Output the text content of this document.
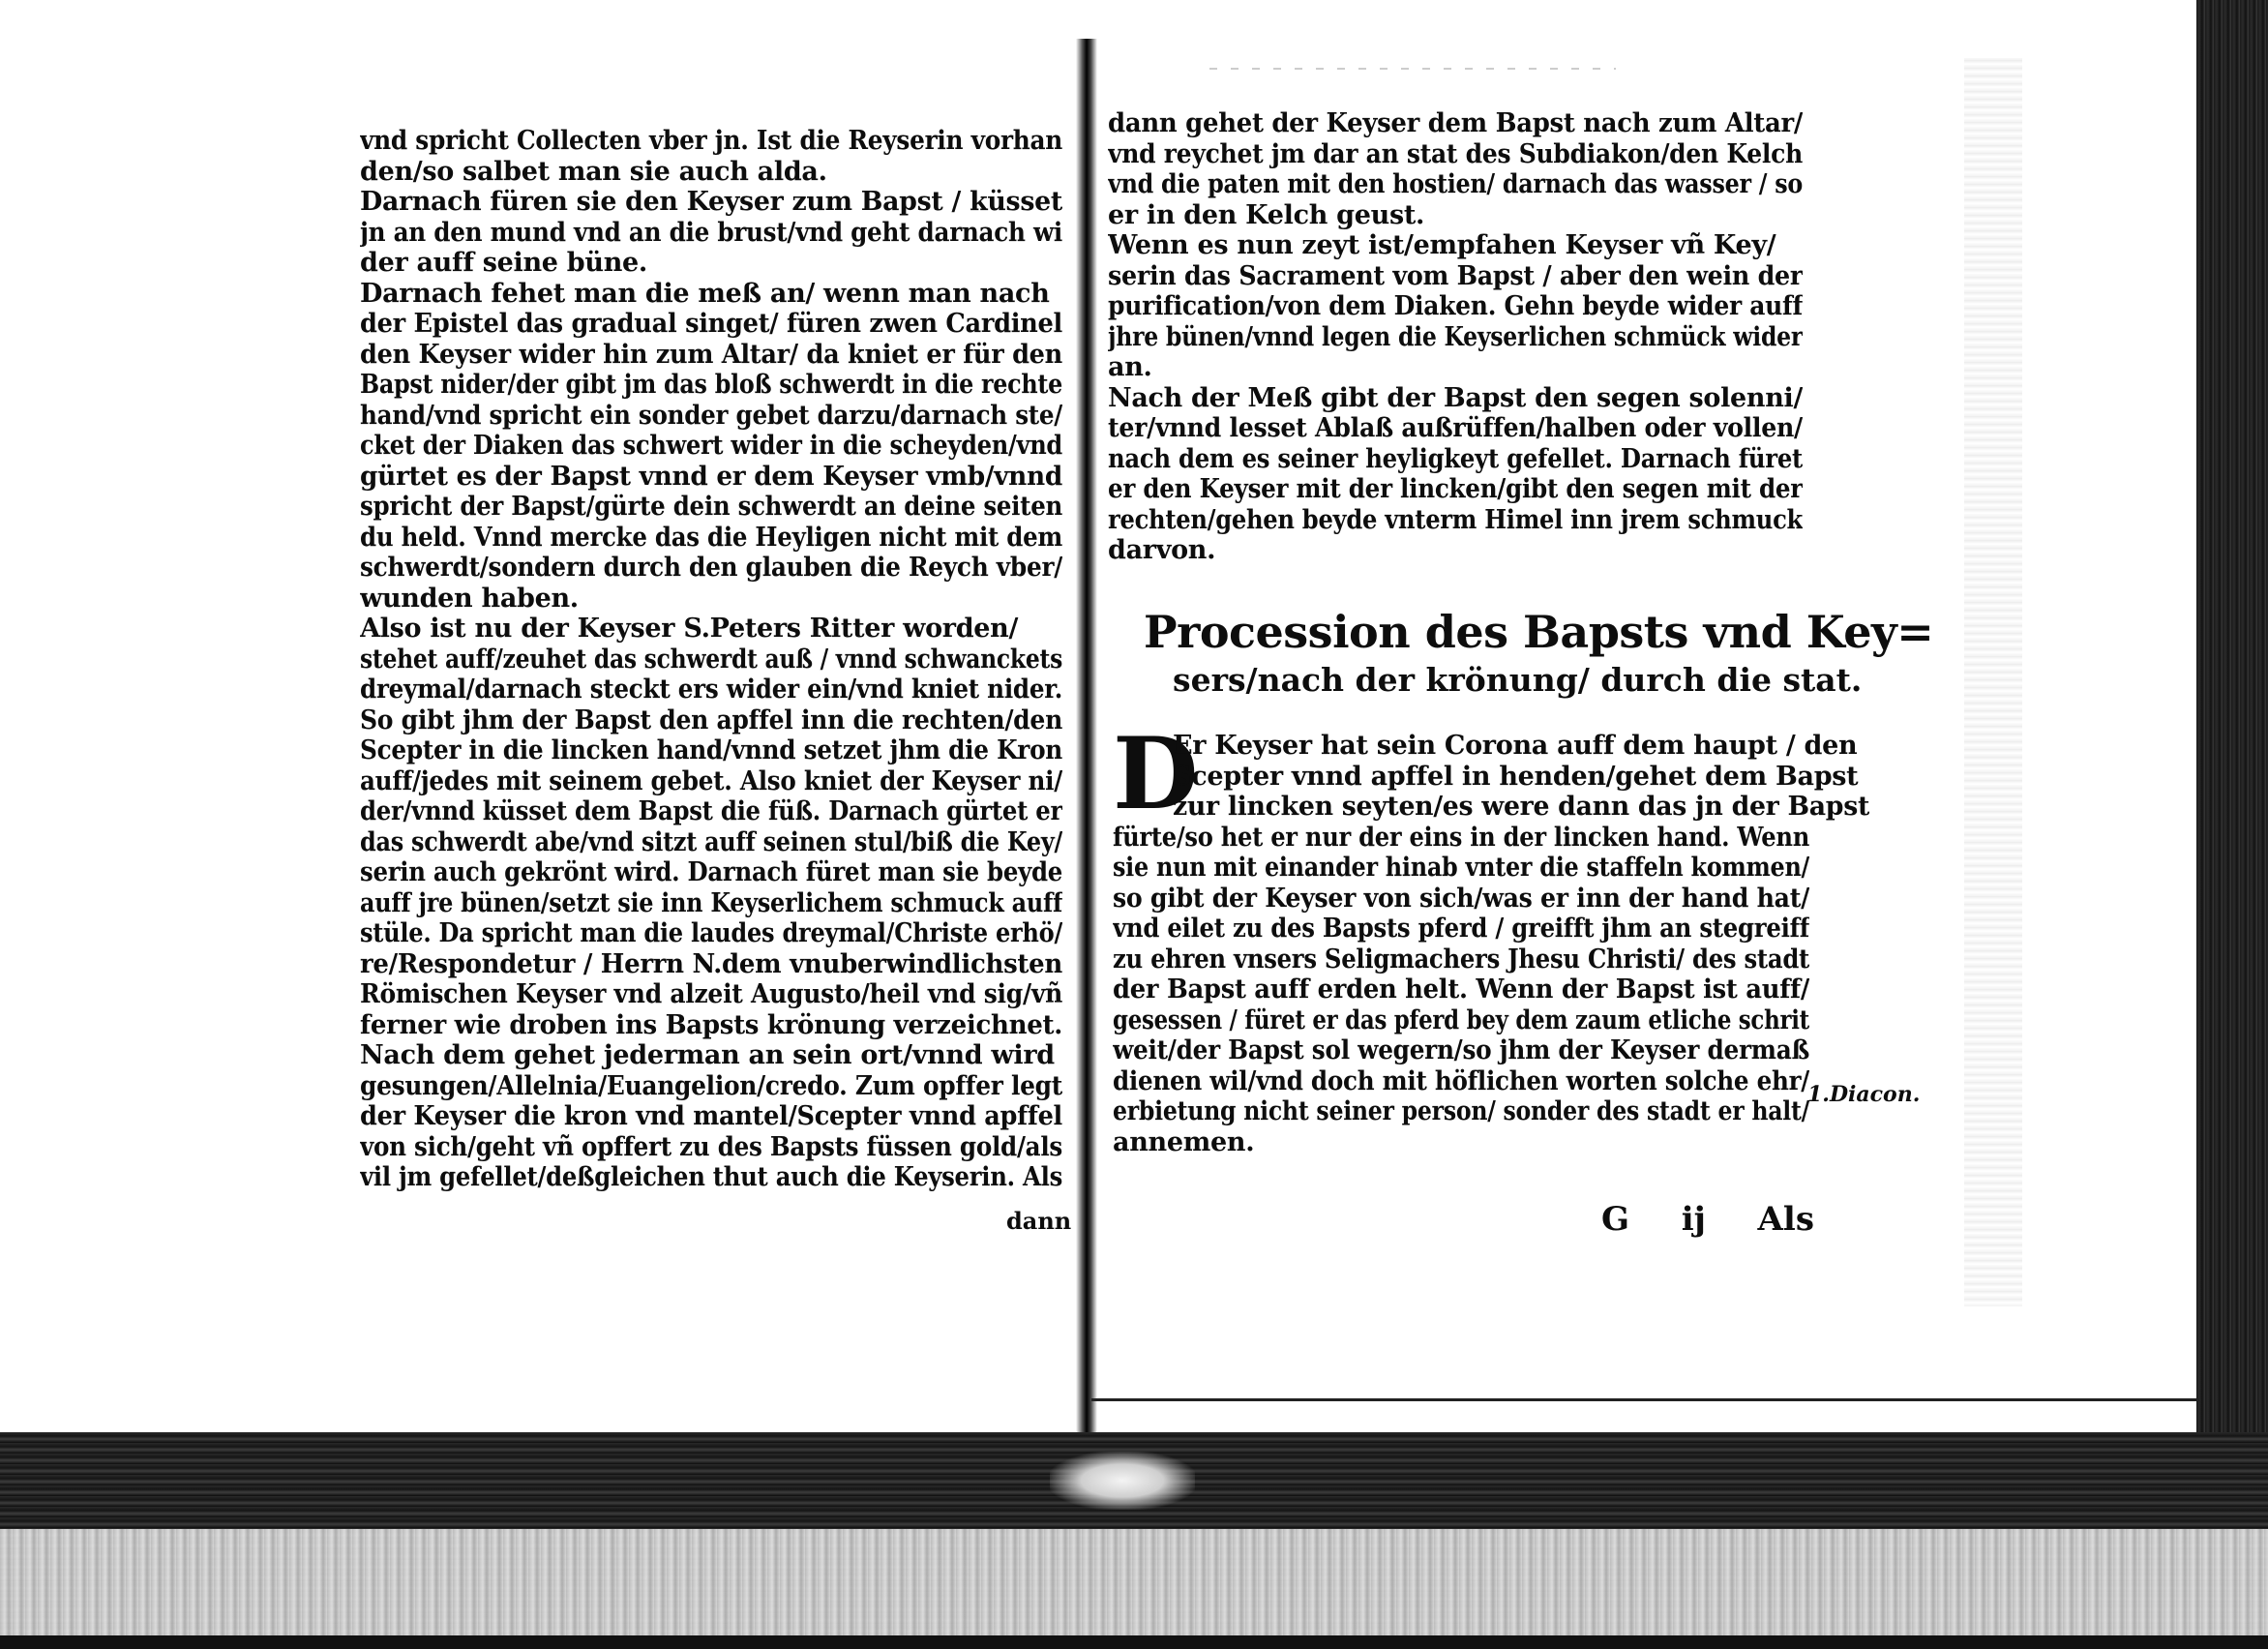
vnd spricht Collecten vber jn. Ist die Reyserin vorhan
den/so salbet man sie auch alda.
Darnach füren sie den Keyser zum Bapst / küsset
jn an den mund vnd an die brust/vnd geht darnach wi
der auff seine büne.
Darnach fehet man die meß an/ wenn man nach
der Epistel das gradual singet/ füren zwen Cardinel
den Keyser wider hin zum Altar/ da kniet er für den
Bapst nider/der gibt jm das bloß schwerdt in die rechte
hand/vnd spricht ein sonder gebet darzu/darnach ste/
cket der Diaken das schwert wider in die scheyden/vnd
gürtet es der Bapst vnnd er dem Keyser vmb/vnnd
spricht der Bapst/gürte dein schwerdt an deine seiten
du held. Vnnd mercke das die Heyligen nicht mit dem
schwerdt/sondern durch den glauben die Reych vber/
wunden haben.
Also ist nu der Keyser S.Peters Ritter worden/
stehet auff/zeuhet das schwerdt auß / vnnd schwanckets
dreymal/darnach steckt ers wider ein/vnd kniet nider.
So gibt jhm der Bapst den apffel inn die rechten/den
Scepter in die lincken hand/vnnd setzet jhm die Kron
auff/jedes mit seinem gebet. Also kniet der Keyser ni/
der/vnnd küsset dem Bapst die füß. Darnach gürtet er
das schwerdt abe/vnd sitzt auff seinen stul/biß die Key/
serin auch gekrönt wird. Darnach füret man sie beyde
auff jre bünen/setzt sie inn Keyserlichem schmuck auff
stüle. Da spricht man die laudes dreymal/Christe erhö/
re/Respondetur / Herrn N.dem vnuberwindlichsten
Römischen Keyser vnd alzeit Augusto/heil vnd sig/vñ
ferner wie droben ins Bapsts krönung verzeichnet.
Nach dem gehet jederman an sein ort/vnnd wird
gesungen/Allelnia/Euangelion/credo. Zum opffer legt
der Keyser die kron vnd mantel/Scepter vnnd apffel
von sich/geht vñ opffert zu des Bapsts füssen gold/als
vil jm gefellet/deßgleichen thut auch die Keyserin. Als
dann
dann gehet der Keyser dem Bapst nach zum Altar/
vnd reychet jm dar an stat des Subdiakon/den Kelch
vnd die paten mit den hostien/ darnach das wasser / so
er in den Kelch geust.
Wenn es nun zeyt ist/empfahen Keyser vñ Key/
serin das Sacrament vom Bapst / aber den wein der
purification/von dem Diaken. Gehn beyde wider auff
jhre bünen/vnnd legen die Keyserlichen schmück wider
an.
Nach der Meß gibt der Bapst den segen solenni/
ter/vnnd lesset Ablaß außrüffen/halben oder vollen/
nach dem es seiner heyligkeyt gefellet. Darnach füret
er den Keyser mit der lincken/gibt den segen mit der
rechten/gehen beyde vnterm Himel inn jrem schmuck
darvon.
Procession des Bapsts vnd Key=
sers/nach der krönung/ durch die stat.
D
Er Keyser hat sein Corona auff dem haupt / den
Scepter vnnd apffel in henden/gehet dem Bapst
zur lincken seyten/es were dann das jn der Bapst
fürte/so het er nur der eins in der lincken hand. Wenn
sie nun mit einander hinab vnter die staffeln kommen/
so gibt der Keyser von sich/was er inn der hand hat/
vnd eilet zu des Bapsts pferd / greifft jhm an stegreiff
zu ehren vnsers Seligmachers Jhesu Christi/ des stadt
der Bapst auff erden helt. Wenn der Bapst ist auff/
gesessen / füret er das pferd bey dem zaum etliche schrit
weit/der Bapst sol wegern/so jhm der Keyser dermaß
dienen wil/vnd doch mit höflichen worten solche ehr/
erbietung nicht seiner person/ sonder des stadt er halt/
annemen.
1.Diacon.
G ij Als
